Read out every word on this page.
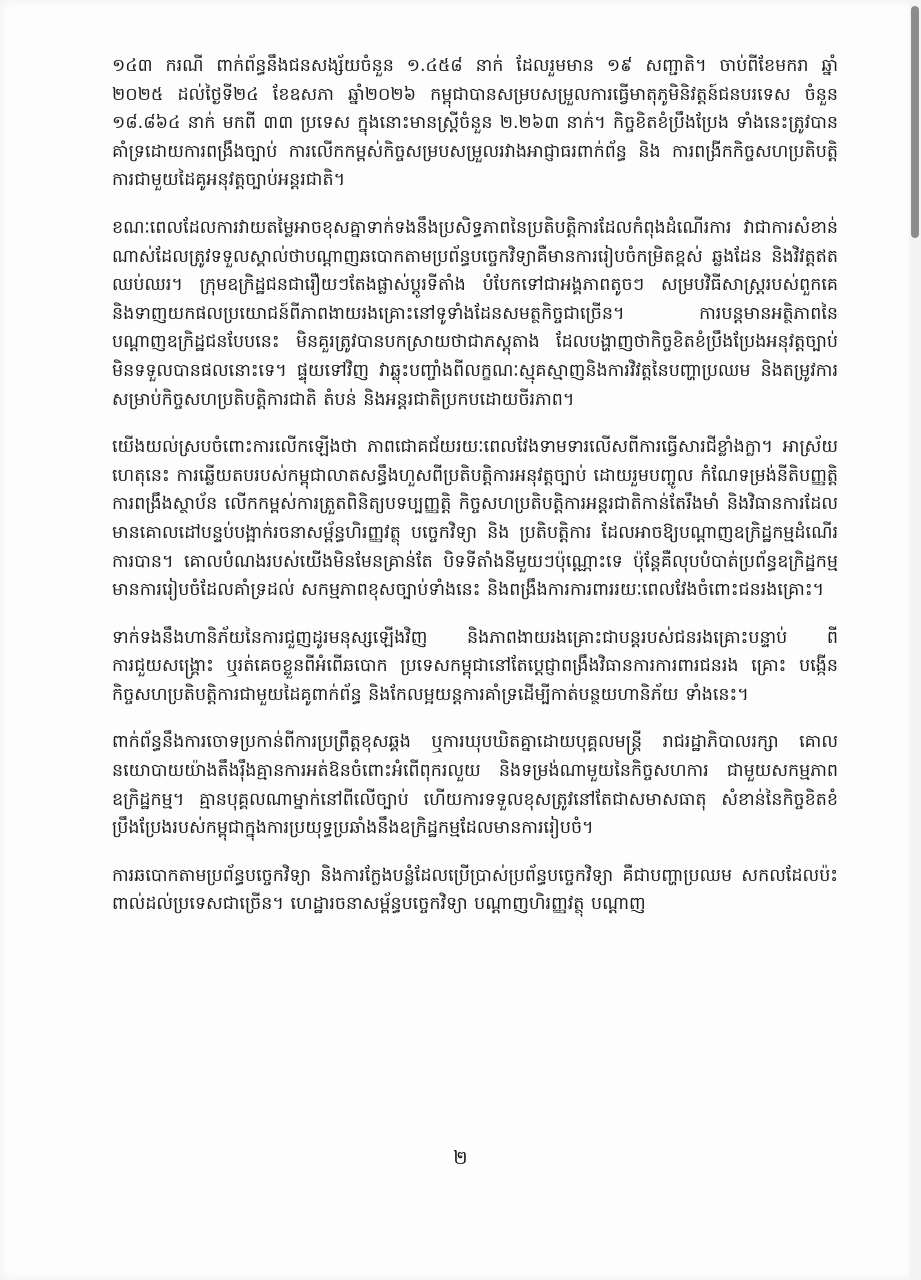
១៤៣ ករណី ពាក់ព័ន្ធនឹងជនសង្ស័យចំនួន ១.៤៥៨ នាក់ ដែលរួមមាន ១៩ សញ្ជាតិ។ ចាប់ពីខែមករា ឆ្នាំ ២០២៥ ដល់ថ្ងៃទី២៤ ខែឧសភា ឆ្នាំ២០២៦ កម្ពុជាបានសម្របសម្រួលការធ្វើមាតុភូមិនិវត្តន៍ជនបរទេស ចំនួន ១៨.៨៦៤ នាក់ មកពី ៣៣ ប្រទេស ក្នុងនោះមានស្ត្រីចំនួន ២.២៦៣ នាក់។ កិច្ចខិតខំប្រឹងប្រែង ទាំងនេះត្រូវបានគាំទ្រដោយការពង្រឹងច្បាប់ ការលើកកម្ពស់កិច្ចសម្របសម្រួលរវាងអាជ្ញាធរពាក់ព័ន្ធ និង ការពង្រីកកិច្ចសហប្រតិបត្តិការជាមួយដៃគូអនុវត្តច្បាប់អន្តរជាតិ។

ខណៈពេលដែលការវាយតម្លៃអាចខុសគ្នាទាក់ទងនឹងប្រសិទ្ធភាពនៃប្រតិបត្តិការដែលកំពុងដំណើរការ វាជាការសំខាន់ណាស់ដែលត្រូវទទួលស្គាល់ថាបណ្តាញឆបោកតាមប្រព័ន្ធបច្ចេកវិទ្យាគឺមានការរៀបចំកម្រិតខ្ពស់ ឆ្លងដែន និងវិវត្តឥតឈប់ឈរ។ ក្រុមឧក្រិដ្ឋជនជារឿយៗតែងផ្លាស់ប្តូរទីតាំង បំបែកទៅជាអង្គភាពតូចៗ សម្របវិធីសាស្ត្ររបស់ពួកគេ និងទាញយកផលប្រយោជន៍ពីភាពងាយរងគ្រោះនៅទូទាំងដែនសមត្ថកិច្ចជាច្រើន។ ការបន្តមានអត្ថិភាពនៃបណ្តាញឧក្រិដ្ឋជនបែបនេះ មិនគួរត្រូវបានបកស្រាយថាជាភស្តុតាង ដែលបង្ហាញថាកិច្ចខិតខំប្រឹងប្រែងអនុវត្តច្បាប់មិនទទួលបានផលនោះទេ។ ផ្ទុយទៅវិញ វាឆ្លុះបញ្ចាំងពីលក្ខណៈស្មុគស្មាញនិងការវិវត្តនៃបញ្ហាប្រឈម និងតម្រូវការសម្រាប់កិច្ចសហប្រតិបត្តិការជាតិ តំបន់ និងអន្តរជាតិប្រកបដោយចីរភាព។

យើងយល់ស្របចំពោះការលើកឡើងថា ភាពជោគជ័យរយៈពេលវែងទាមទារលើសពីការធ្វើសារជីខ្លាំងក្លា។ អាស្រ័យហេតុនេះ ការឆ្លើយតបរបស់កម្ពុជាលាតសន្ធឹងហួសពីប្រតិបត្តិការអនុវត្តច្បាប់ ដោយរួមបញ្ចូល កំណែទម្រង់នីតិបញ្ញត្តិ ការពង្រឹងស្ថាប័ន លើកកម្ពស់ការត្រួតពិនិត្យបទប្បញ្ញត្តិ កិច្ចសហប្រតិបត្តិការអន្តរជាតិកាន់តែរឹងមាំ និងវិធានការដែលមានគោលដៅបន្ទប់បង្អាក់រចនាសម្ព័ន្ធហិរញ្ញវត្ថុ បច្ចេកវិទ្យា និង ប្រតិបត្តិការ ដែលអាចឱ្យបណ្តាញឧក្រិដ្ឋកម្មដំណើរការបាន។ គោលបំណងរបស់យើងមិនមែនគ្រាន់តែ បិទទីតាំងនីមួយៗប៉ុណ្ណោះទេ ប៉ុន្តែគឺលុបបំបាត់ប្រព័ន្ធឧក្រិដ្ឋកម្មមានការរៀបចំដែលគាំទ្រដល់ សកម្មភាពខុសច្បាប់ទាំងនេះ និងពង្រឹងការការពាររយៈពេលវែងចំពោះជនរងគ្រោះ។

ទាក់ទងនឹងហានិភ័យនៃការជួញដូរមនុស្សឡើងវិញ និងភាពងាយរងគ្រោះជាបន្តរបស់ជនរងគ្រោះបន្ទាប់ ពីការជួយសង្គ្រោះ ឬរត់គេចខ្លួនពីអំពើឆបោក ប្រទេសកម្ពុជានៅតែប្តេជ្ញាពង្រឹងវិធានការការពារជនរង គ្រោះ បង្កើនកិច្ចសហប្រតិបត្តិការជាមួយដៃគូពាក់ព័ន្ធ និងកែលម្អយន្តការគាំទ្រដើម្បីកាត់បន្ថយហានិភ័យ ទាំងនេះ។

ពាក់ព័ន្ធនឹងការចោទប្រកាន់ពីការប្រព្រឹត្តខុសឆ្គង ឬការឃុបឃិតគ្នាដោយបុគ្គលមន្ត្រី រាជរដ្ឋាភិបាលរក្សា គោលនយោបាយយ៉ាងតឹងរ៉ឹងគ្មានការអត់ឱនចំពោះអំពើពុករលួយ និងទម្រង់ណាមួយនៃកិច្ចសហការ ជាមួយសកម្មភាពឧក្រិដ្ឋកម្ម។ គ្មានបុគ្គលណាម្នាក់នៅពីលើច្បាប់ ហើយការទទួលខុសត្រូវនៅតែជាសមាសធាតុ សំខាន់នៃកិច្ចខិតខំប្រឹងប្រែងរបស់កម្ពុជាក្នុងការប្រយុទ្ធប្រឆាំងនឹងឧក្រិដ្ឋកម្មដែលមានការរៀបចំ។

ការឆបោកតាមប្រព័ន្ធបច្ចេកវិទ្យា និងការក្លែងបន្លំដែលប្រើប្រាស់ប្រព័ន្ធបច្ចេកវិទ្យា គឺជាបញ្ហាប្រឈម សកលដែលប៉ះពាល់ដល់ប្រទេសជាច្រើន។ ហេដ្ឋារចនាសម្ព័ន្ធបច្ចេកវិទ្យា បណ្តាញហិរញ្ញវត្ថុ បណ្តាញ

២
